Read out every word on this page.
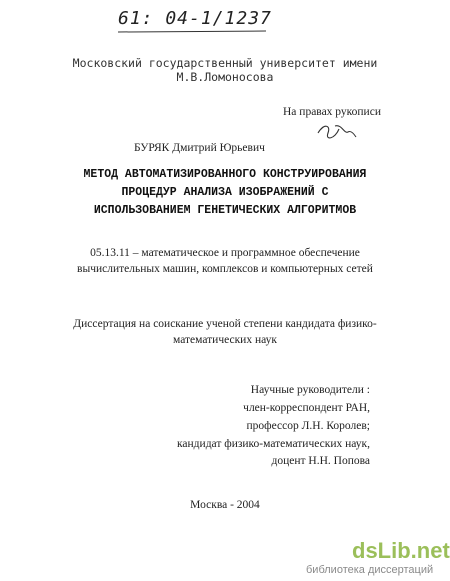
61: 04-1/1237
Московский государственный университет имени
М.В.Ломоносова
На правах рукописи
БУРЯК Дмитрий Юрьевич
МЕТОД АВТОМАТИЗИРОВАННОГО КОНСТРУИРОВАНИЯ
ПРОЦЕДУР АНАЛИЗА ИЗОБРАЖЕНИЙ С
ИСПОЛЬЗОВАНИЕМ ГЕНЕТИЧЕСКИХ АЛГОРИТМОВ
05.13.11 – математическое и программное обеспечение
вычислительных машин, комплексов и компьютерных сетей
Диссертация на соискание ученой степени кандидата физико-
математических наук
Научные руководители :
член-корреспондент РАН,
профессор Л.Н. Королев;
кандидат физико-математических наук,
доцент Н.Н. Попова
Москва - 2004
dsLib.net
библиотека диссертаций
